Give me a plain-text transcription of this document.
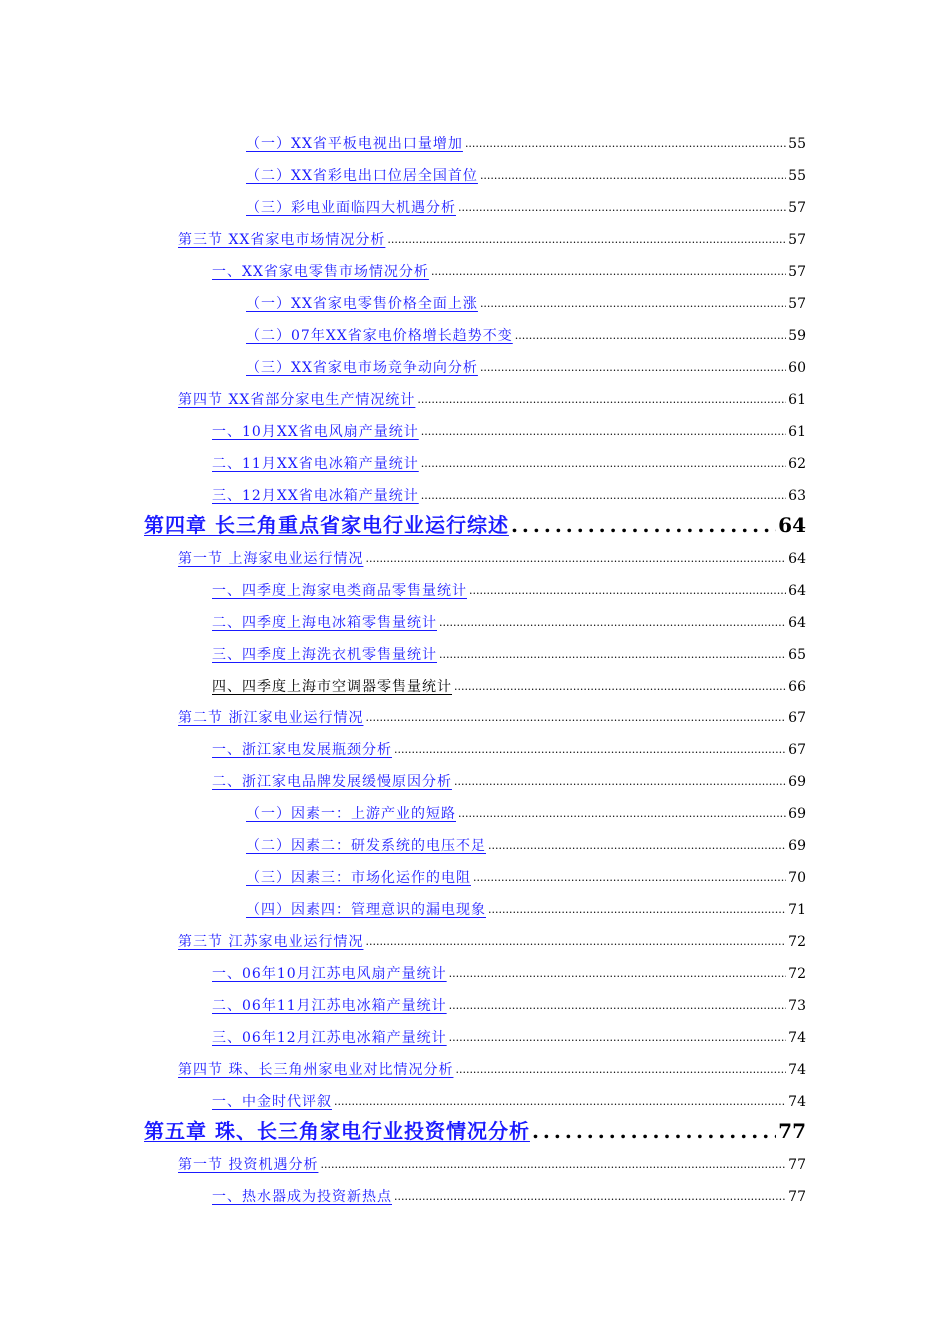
（一）XX省平板电视出口量增加 .....	55
（二）XX省彩电出口位居全国首位 .....	55
（三）彩电业面临四大机遇分析 .....	57
第三节 XX省家电市场情况分析 .....	57
一、XX省家电零售市场情况分析 .....	57
（一）XX省家电零售价格全面上涨 .....	57
（二）07年XX省家电价格增长趋势不变 .....	59
（三）XX省家电市场竞争动向分析 .....	60
第四节 XX省部分家电生产情况统计 .....	61
一、10月XX省电风扇产量统计 .....	61
二、11月XX省电冰箱产量统计 .....	62
三、12月XX省电冰箱产量统计 .....	63
第四章 长三角重点省家电行业运行综述 .....	64
第一节 上海家电业运行情况 .....	64
一、四季度上海家电类商品零售量统计 .....	64
二、四季度上海电冰箱零售量统计 .....	64
三、四季度上海洗衣机零售量统计 .....	65
四、四季度上海市空调器零售量统计 .....	66
第二节 浙江家电业运行情况 .....	67
一、浙江家电发展瓶颈分析 .....	67
二、浙江家电品牌发展缓慢原因分析 .....	69
（一）因素一：上游产业的短路 .....	69
（二）因素二：研发系统的电压不足 .....	69
（三）因素三：市场化运作的电阻 .....	70
（四）因素四：管理意识的漏电现象 .....	71
第三节 江苏家电业运行情况 .....	72
一、06年10月江苏电风扇产量统计 .....	72
二、06年11月江苏电冰箱产量统计 .....	73
三、06年12月江苏电冰箱产量统计 .....	74
第四节 珠、长三角州家电业对比情况分析 .....	74
一、中金时代评叙 .....	74
第五章 珠、长三角家电行业投资情况分析 .....	77
第一节 投资机遇分析 .....	77
一、热水器成为投资新热点 .....	77
